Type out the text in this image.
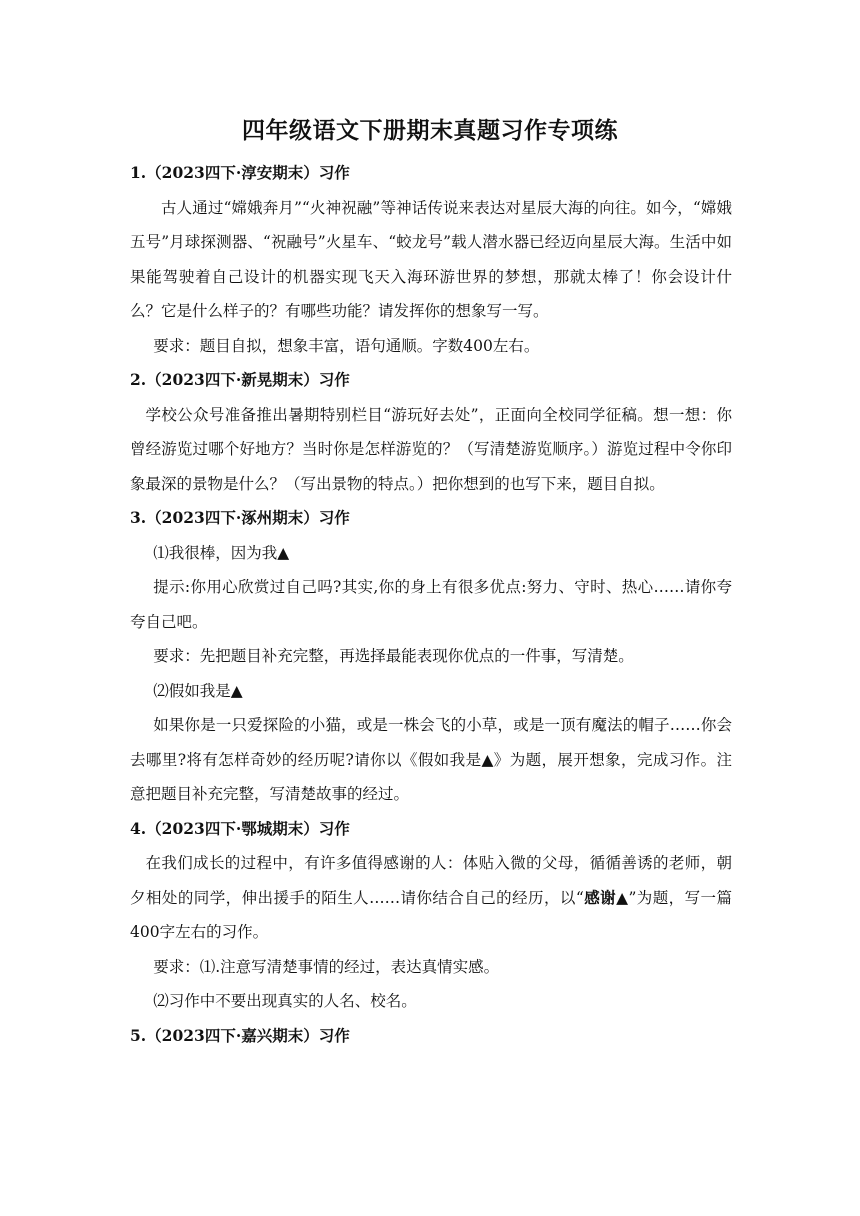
四年级语文下册期末真题习作专项练
1.（2023四下·淳安期末）习作
古人通过“嫦娥奔月”“火神祝融”等神话传说来表达对星辰大海的向往。如今，“嫦娥五号”月球探测器、“祝融号”火星车、“蛟龙号”载人潜水器已经迈向星辰大海。生活中如果能驾驶着自己设计的机器实现飞天入海环游世界的梦想，那就太棒了！你会设计什么？它是什么样子的？有哪些功能？请发挥你的想象写一写。
要求：题目自拟，想象丰富，语句通顺。字数400左右。
2.（2023四下·新晃期末）习作
学校公众号准备推出暑期特别栏目“游玩好去处”，正面向全校同学征稿。想一想：你曾经游览过哪个好地方？当时你是怎样游览的？（写清楚游览顺序。）游览过程中令你印象最深的景物是什么？（写出景物的特点。）把你想到的也写下来，题目自拟。
3.（2023四下·涿州期末）习作
⑴我很棒，因为我▲
提示:你用心欣赏过自己吗?其实,你的身上有很多优点:努力、守时、热心……请你夸夸自己吧。
要求：先把题目补充完整，再选择最能表现你优点的一件事，写清楚。
⑵假如我是▲
如果你是一只爱探险的小猫，或是一株会飞的小草，或是一顶有魔法的帽子……你会去哪里?将有怎样奇妙的经历呢?请你以《假如我是▲》为题，展开想象，完成习作。注意把题目补充完整，写清楚故事的经过。
4.（2023四下·鄂城期末）习作
在我们成长的过程中，有许多值得感谢的人：体贴入微的父母，循循善诱的老师，朝夕相处的同学，伸出援手的陌生人……请你结合自己的经历，以“感谢▲”为题，写一篇400字左右的习作。
要求：⑴.注意写清楚事情的经过，表达真情实感。
⑵习作中不要出现真实的人名、校名。
5.（2023四下·嘉兴期末）习作
